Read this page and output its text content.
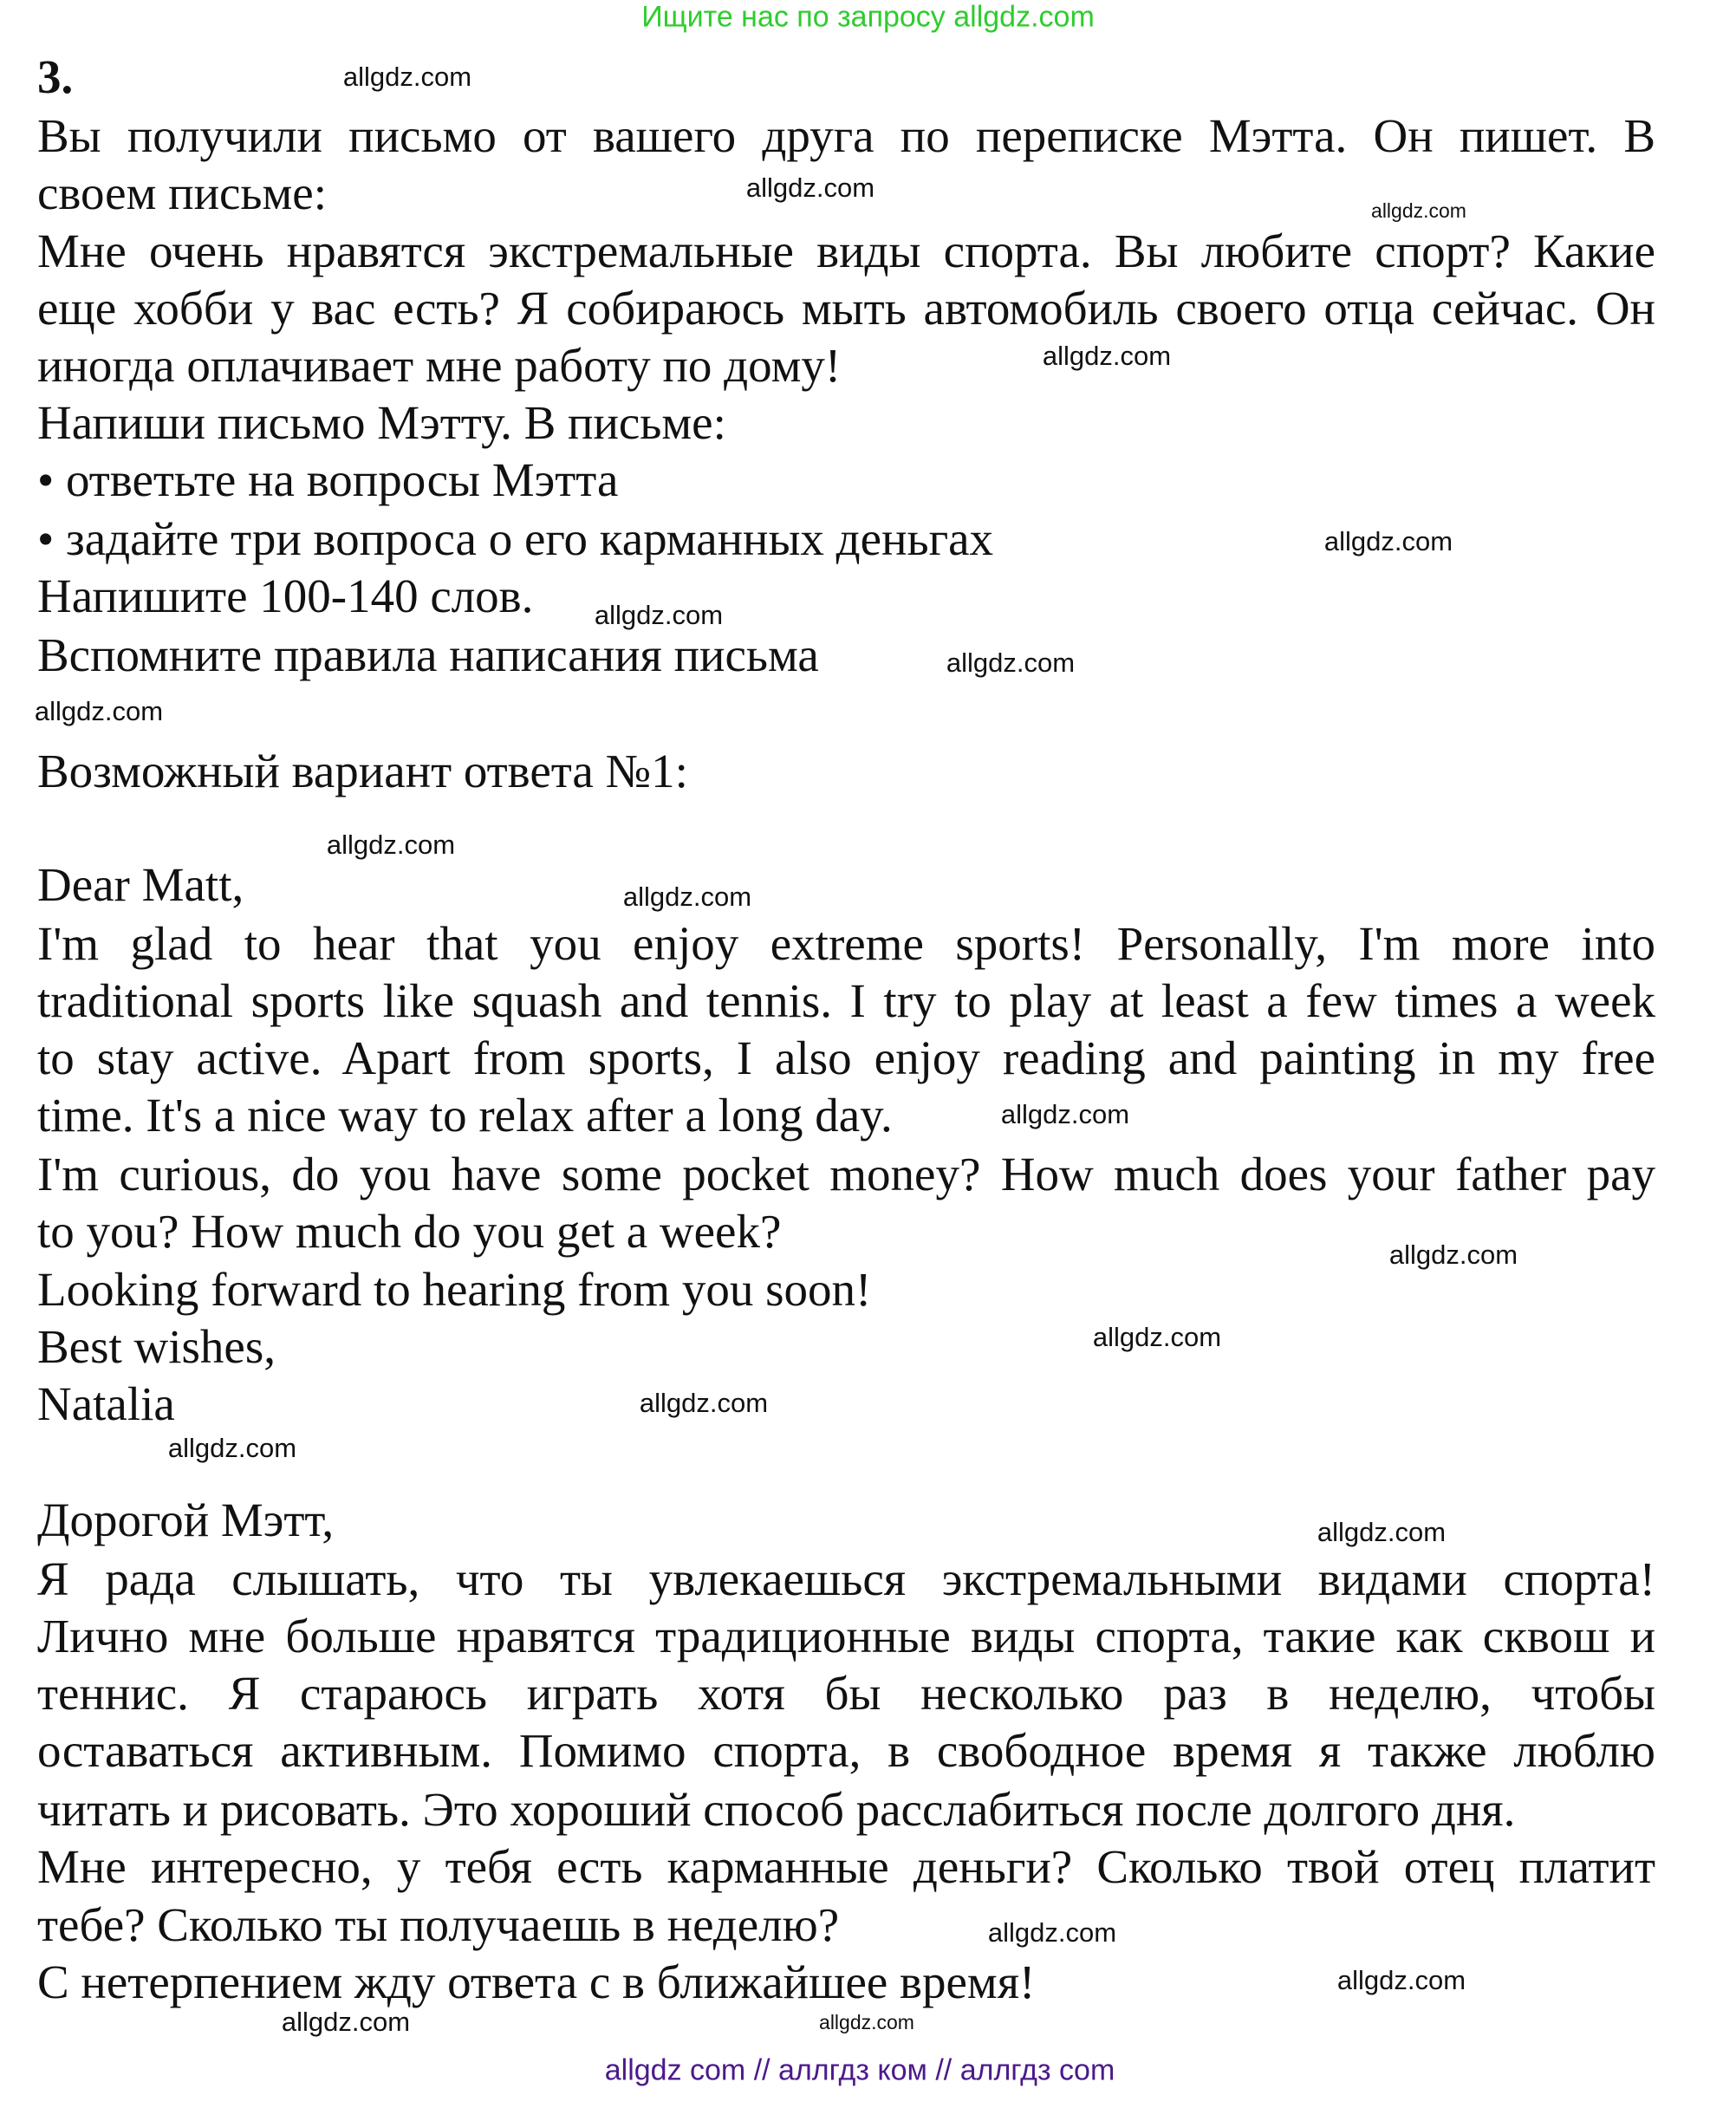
Ищите нас по запросу allgdz.com
3.
Вы получили письмо от вашего друга по переписке Мэтта. Он пишет. В
своем письме:
Мне очень нравятся экстремальные виды спорта. Вы любите спорт? Какие
еще хобби у вас есть? Я собираюсь мыть автомобиль своего отца сейчас. Он
иногда оплачивает мне работу по дому!
Напиши письмо Мэтту. В письме:
• ответьте на вопросы Мэтта
• задайте три вопроса о его карманных деньгах
Напишите 100-140 слов.
Вспомните правила написания письма
Возможный вариант ответа №1:
Dear Matt,
I'm glad to hear that you enjoy extreme sports! Personally, I'm more into
traditional sports like squash and tennis. I try to play at least a few times a week
to stay active. Apart from sports, I also enjoy reading and painting in my free
time. It's a nice way to relax after a long day.
I'm curious, do you have some pocket money? How much does your father pay
to you? How much do you get a week?
Looking forward to hearing from you soon!
Best wishes,
Natalia
Дорогой Мэтт,
Я рада слышать, что ты увлекаешься экстремальными видами спорта!
Лично мне больше нравятся традиционные виды спорта, такие как сквош и
теннис. Я стараюсь играть хотя бы несколько раз в неделю, чтобы
оставаться активным. Помимо спорта, в свободное время я также люблю
читать и рисовать. Это хороший способ расслабиться после долгого дня.
Мне интересно, у тебя есть карманные деньги? Сколько твой отец платит
тебе? Сколько ты получаешь в неделю?
С нетерпением жду ответа с в ближайшее время!
allgdz.com
allgdz.com
allgdz.com
allgdz.com
allgdz.com
allgdz.com
allgdz.com
allgdz.com
allgdz.com
allgdz.com
allgdz.com
allgdz.com
allgdz.com
allgdz.com
allgdz.com
allgdz.com
allgdz.com
allgdz.com
allgdz.com
allgdz.com
allgdz com // аллгдз ком // аллгдз com
